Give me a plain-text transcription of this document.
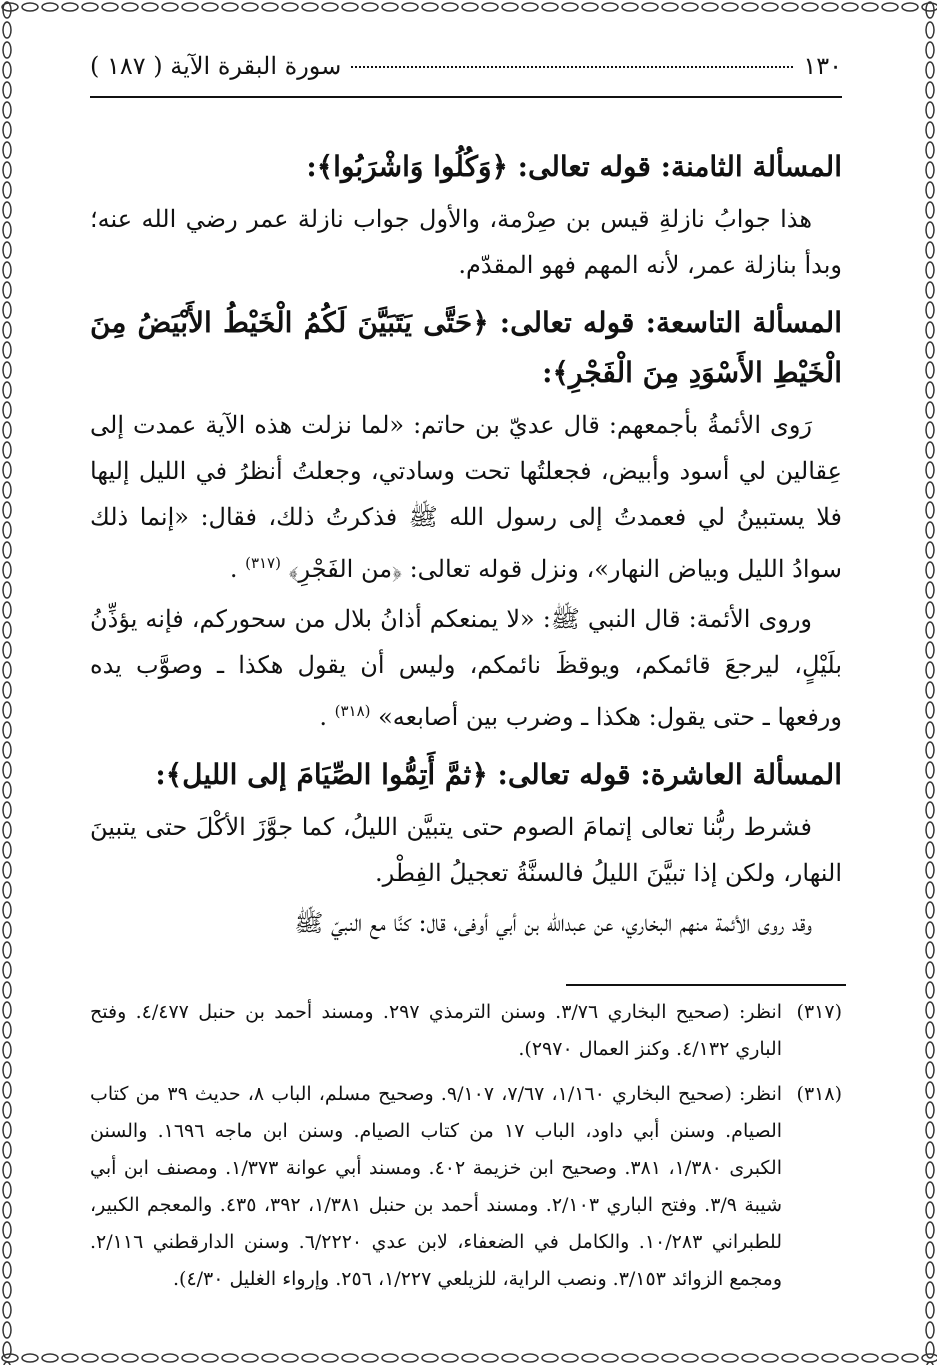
١٣٠
سورة البقرة الآية ( ١٨٧ )
المسألة الثامنة: قوله تعالى: ﴿وَكُلُوا وَاشْرَبُوا﴾:
هذا جوابُ نازلةِ قيس بن صِرْمة، والأول جواب نازلة عمر رضي الله عنه؛ وبدأ بنازلة عمر، لأنه المهم فهو المقدّم.
المسألة التاسعة: قوله تعالى: ﴿حَتَّى يَتَبَيَّنَ لَكُمُ الْخَيْطُ الأَبْيَضُ مِنَ الْخَيْطِ الأَسْوَدِ مِنَ الْفَجْرِ﴾:
رَوى الأئمةُ بأجمعهم: قال عديّ بن حاتم: «لما نزلت هذه الآية عمدت إلى عِقالين لي أسود وأبيض، فجعلتُها تحت وسادتي، وجعلتُ أنظرُ في الليل إليها فلا يستبينُ لي فعمدتُ إلى رسول الله ﷺ فذكرتُ ذلك، فقال: «إنما ذلك سوادُ الليل وبياض النهار»، ونزل قوله تعالى: ﴿من الفَجْرِ﴾ $^{(٣١٧)}$ .
وروى الأئمة: قال النبي ﷺ: «لا يمنعكم أذانُ بلال من سحوركم، فإنه يؤذِّنُ بلَيْلٍ، ليرجعَ قائمكم، ويوقظَ نائمكم، وليس أن يقول هكذا ـ وصوَّب يده ورفعها ـ حتى يقول: هكذا ـ وضرب بين أصابعه» $^{(٣١٨)}$ .
المسألة العاشرة: قوله تعالى: ﴿ثمَّ أَتِمُّوا الصِّيَامَ إلى الليل﴾:
فشرط ربُّنا تعالى إتمامَ الصوم حتى يتبيَّن الليلُ، كما جوَّزَ الأكْلَ حتى يتبينَ النهار، ولكن إذا تبيَّنَ الليلُ فالسنَّةُ تعجيلُ الفِطْر.
وقد روى الأئمة منهم البخاري، عن عبدالله بن أبي أوفى، قال: كنَّا مع النبيّ ﷺ
(٣١٧)
انظر: (صحيح البخاري ٣/٧٦. وسنن الترمذي ٢٩٧. ومسند أحمد بن حنبل ٤/٤٧٧. وفتح الباري ٤/١٣٢. وكنز العمال ٢٩٧٠).
(٣١٨)
انظر: (صحيح البخاري ١/١٦٠، ٧/٦٧، ٩/١٠٧. وصحيح مسلم، الباب ٨، حديث ٣٩ من كتاب الصيام. وسنن أبي داود، الباب ١٧ من كتاب الصيام. وسنن ابن ماجه ١٦٩٦. والسنن الكبرى ١/٣٨٠، ٣٨١. وصحيح ابن خزيمة ٤٠٢. ومسند أبي عوانة ١/٣٧٣. ومصنف ابن أبي شيبة ٣/٩. وفتح الباري ٢/١٠٣. ومسند أحمد بن حنبل ١/٣٨١، ٣٩٢، ٤٣٥. والمعجم الكبير، للطبراني ١٠/٢٨٣. والكامل في الضعفاء، لابن عدي ٦/٢٢٢٠. وسنن الدارقطني ٢/١١٦. ومجمع الزوائد ٣/١٥٣. ونصب الراية، للزيلعي ١/٢٢٧، ٢٥٦. وإرواء الغليل ٤/٣٠).
